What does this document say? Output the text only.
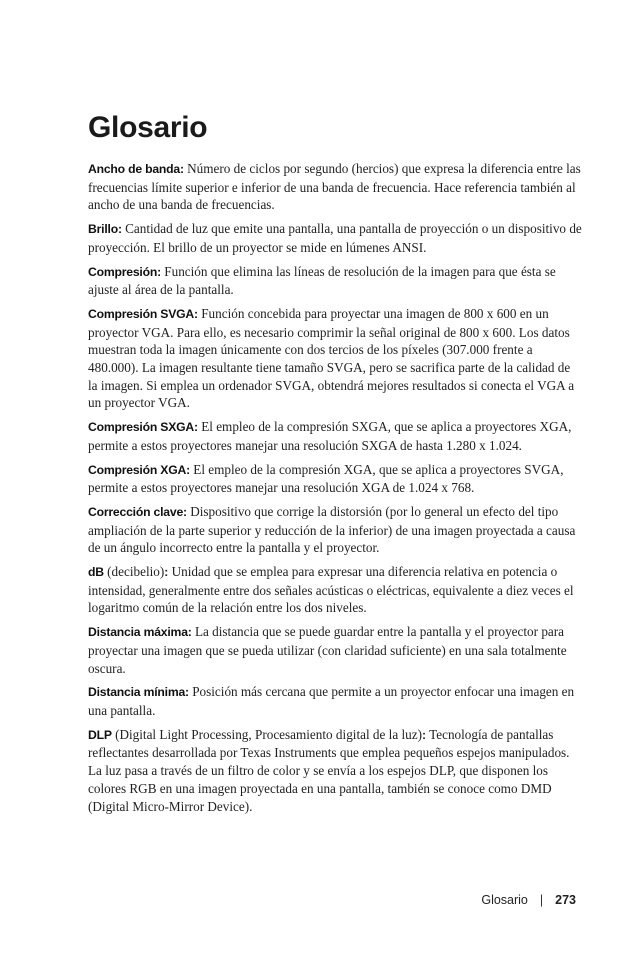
Glosario

Ancho de banda: Número de ciclos por segundo (hercios) que expresa la diferencia entre las frecuencias límite superior e inferior de una banda de frecuencia. Hace referencia también al ancho de una banda de frecuencias.

Brillo: Cantidad de luz que emite una pantalla, una pantalla de proyección o un dispositivo de proyección. El brillo de un proyector se mide en lúmenes ANSI.

Compresión: Función que elimina las líneas de resolución de la imagen para que ésta se ajuste al área de la pantalla.

Compresión SVGA: Función concebida para proyectar una imagen de 800 x 600 en un proyector VGA. Para ello, es necesario comprimir la señal original de 800 x 600. Los datos muestran toda la imagen únicamente con dos tercios de los píxeles (307.000 frente a 480.000). La imagen resultante tiene tamaño SVGA, pero se sacrifica parte de la calidad de la imagen. Si emplea un ordenador SVGA, obtendrá mejores resultados si conecta el VGA a un proyector VGA.

Compresión SXGA: El empleo de la compresión SXGA, que se aplica a proyectores XGA, permite a estos proyectores manejar una resolución SXGA de hasta 1.280 x 1.024.

Compresión XGA: El empleo de la compresión XGA, que se aplica a proyectores SVGA, permite a estos proyectores manejar una resolución XGA de 1.024 x 768.

Corrección clave: Dispositivo que corrige la distorsión (por lo general un efecto del tipo ampliación de la parte superior y reducción de la inferior) de una imagen proyectada a causa de un ángulo incorrecto entre la pantalla y el proyector.

dB (decibelio): Unidad que se emplea para expresar una diferencia relativa en potencia o intensidad, generalmente entre dos señales acústicas o eléctricas, equivalente a diez veces el logaritmo común de la relación entre los dos niveles.

Distancia máxima: La distancia que se puede guardar entre la pantalla y el proyector para proyectar una imagen que se pueda utilizar (con claridad suficiente) en una sala totalmente oscura.

Distancia mínima: Posición más cercana que permite a un proyector enfocar una imagen en una pantalla.

DLP (Digital Light Processing, Procesamiento digital de la luz): Tecnología de pantallas reflectantes desarrollada por Texas Instruments que emplea pequeños espejos manipulados. La luz pasa a través de un filtro de color y se envía a los espejos DLP, que disponen los colores RGB en una imagen proyectada en una pantalla, también se conoce como DMD (Digital Micro-Mirror Device).

Glosario | 273
